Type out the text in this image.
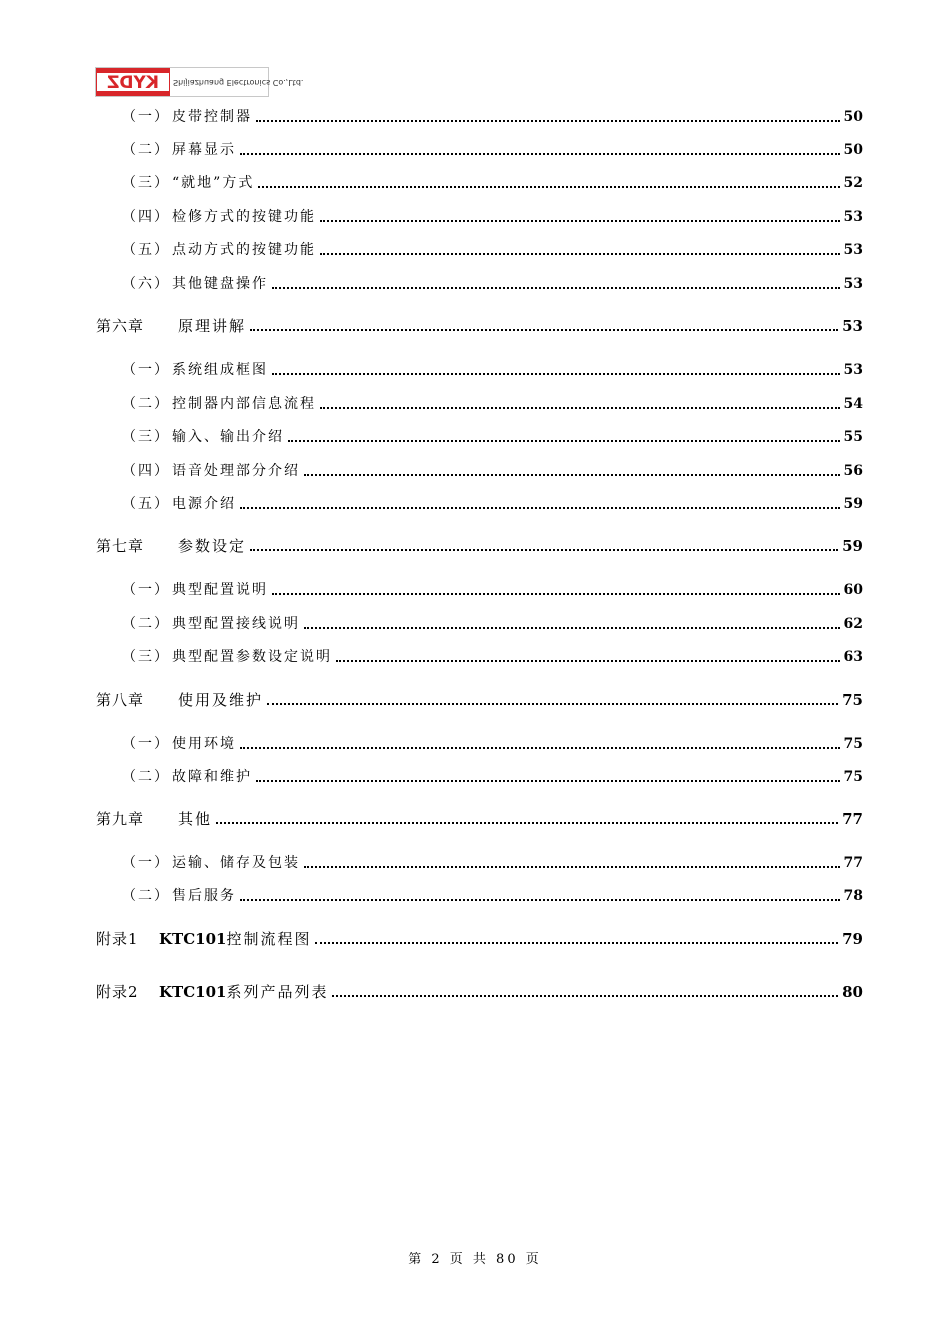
KYDZ	Shijiazhuang Electronics Co.,Ltd.
（一） 皮带控制器	50
（二） 屏幕显示	50
（三） “就地”方式	52
（四） 检修方式的按键功能	53
（五） 点动方式的按键功能	53
（六） 其他键盘操作	53
第六章 原理讲解	53
（一） 系统组成框图	53
（二） 控制器内部信息流程	54
（三） 输入、输出介绍	55
（四） 语音处理部分介绍	56
（五） 电源介绍	59
第七章 参数设定	59
（一） 典型配置说明	60
（二） 典型配置接线说明	62
（三） 典型配置参数设定说明	63
第八章 使用及维护	75
（一） 使用环境	75
（二） 故障和维护	75
第九章 其他	77
（一） 运输、储存及包装	77
（二） 售后服务	78
附录1 KTC101控制流程图	79
附录2 KTC101系列产品列表	80
第 2 页 共 80 页
